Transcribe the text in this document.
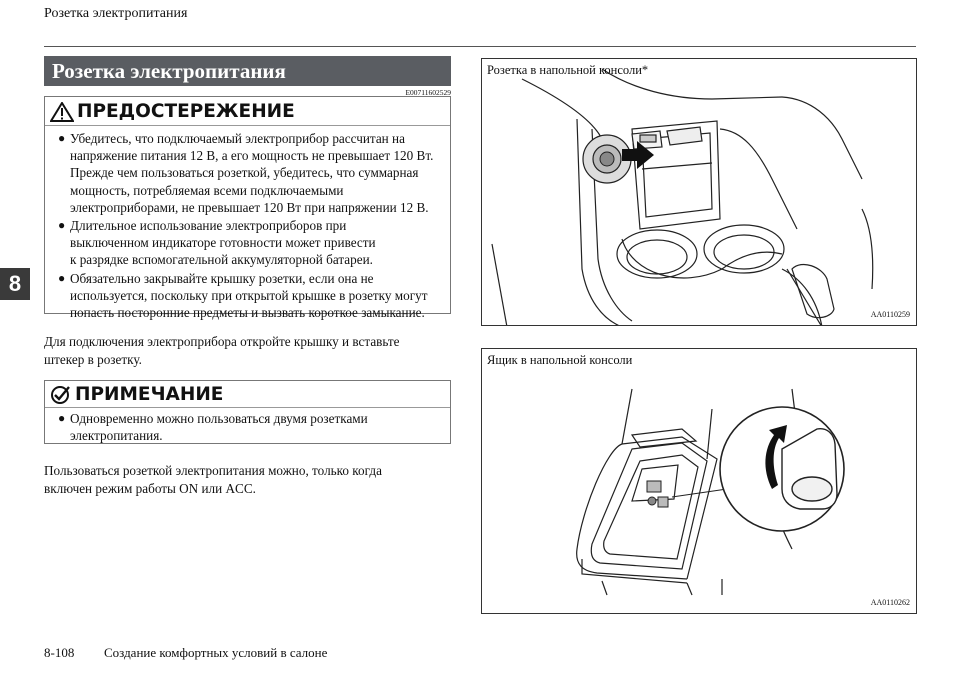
Розетка электропитания
8
Розетка электропитания
E00711602529
ПРЕДОСТЕРЕЖЕНИЕ
● Убедитесь, что подключаемый электроприбор рассчитан на
напряжение питания 12 В, а его мощность не превышает 120 Вт.
Прежде чем пользоваться розеткой, убедитесь, что суммарная
мощность, потребляемая всеми подключаемыми
электроприборами, не превышает 120 Вт при напряжении 12 В.
● Длительное использование электроприборов при
выключенном индикаторе готовности может привести
к разрядке вспомогательной аккумуляторной батареи.
● Обязательно закрывайте крышку розетки, если она не
используется, поскольку при открытой крышке в розетку могут
попасть посторонние предметы и вызвать короткое замыкание.
Для подключения электроприбора откройте крышку и вставьте
штекер в розетку.
ПРИМЕЧАНИЕ
● Одновременно можно пользоваться двумя розетками
электропитания.
Пользоваться розеткой электропитания можно, только когда
включен режим работы ON или ACC.
Розетка в напольной консоли*
AA0110259
Ящик в напольной консоли
AA0110262
8-108 Создание комфортных условий в салоне
